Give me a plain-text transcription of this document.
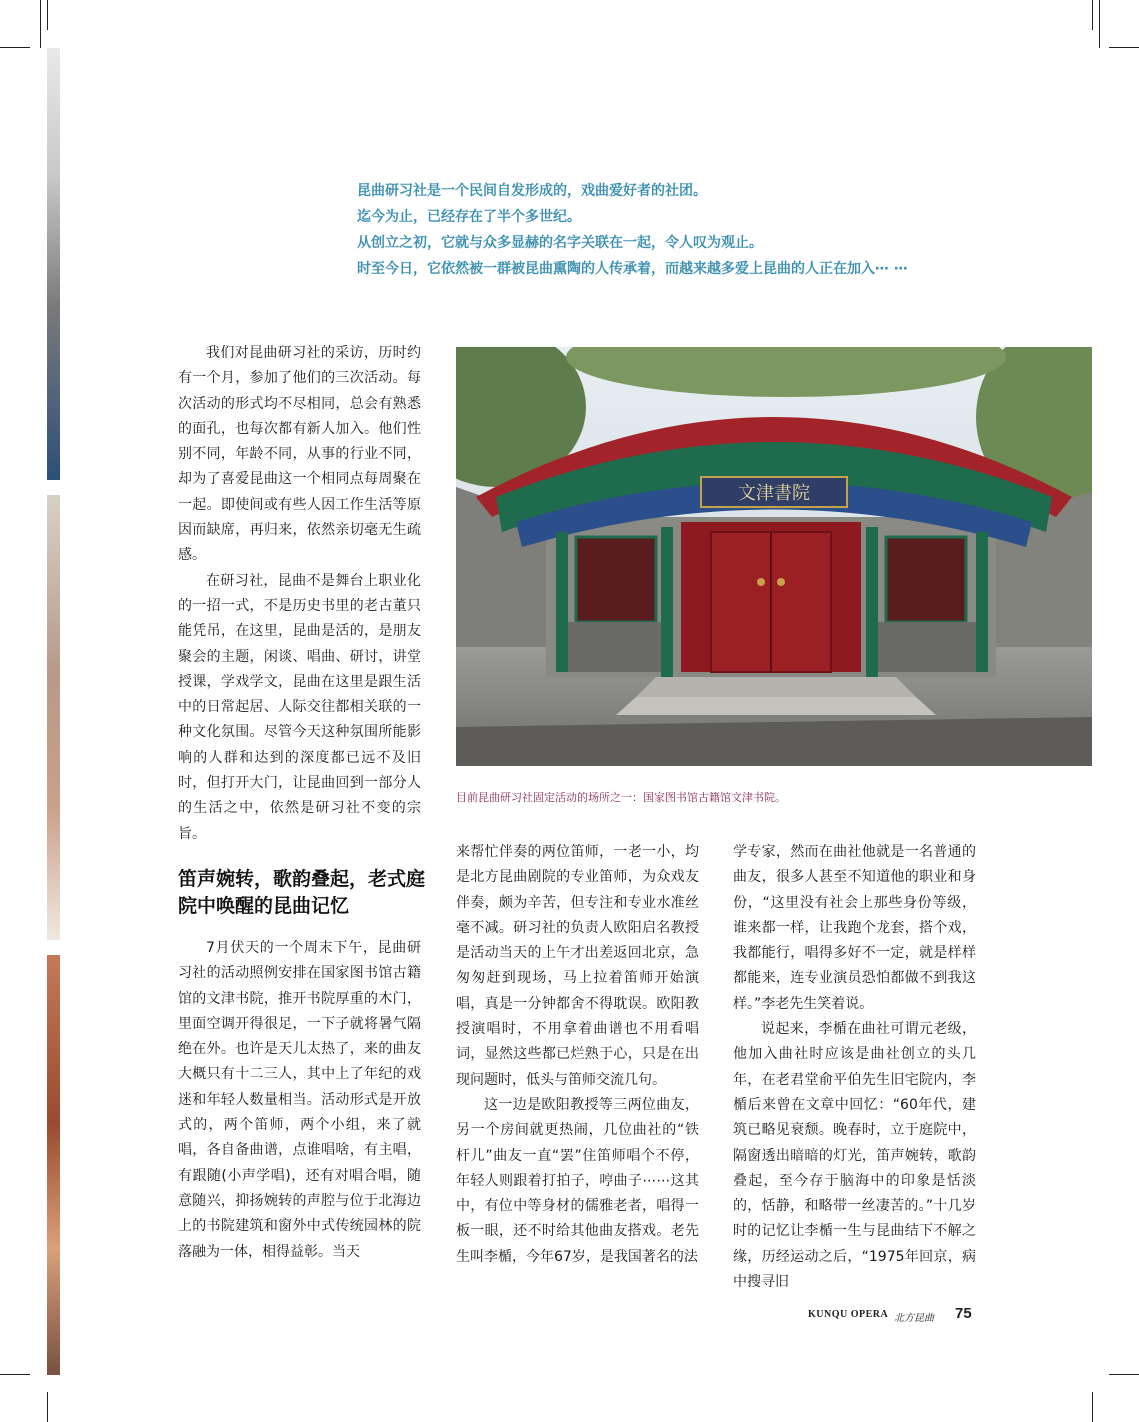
昆曲研习社是一个民间自发形成的，戏曲爱好者的社团。
迄今为止，已经存在了半个多世纪。
从创立之初，它就与众多显赫的名字关联在一起，令人叹为观止。
时至今日，它依然被一群被昆曲熏陶的人传承着，而越来越多爱上昆曲的人正在加入⋯ ⋯

我们对昆曲研习社的采访，历时约有一个月，参加了他们的三次活动。每次活动的形式均不尽相同，总会有熟悉的面孔，也每次都有新人加入。他们性别不同，年龄不同，从事的行业不同，却为了喜爱昆曲这一个相同点每周聚在一起。即使间或有些人因工作生活等原因而缺席，再归来，依然亲切毫无生疏感。

在研习社，昆曲不是舞台上职业化的一招一式，不是历史书里的老古董只能凭吊，在这里，昆曲是活的，是朋友聚会的主题，闲谈、唱曲、研讨，讲堂授课，学戏学文，昆曲在这里是跟生活中的日常起居、人际交往都相关联的一种文化氛围。尽管今天这种氛围所能影响的人群和达到的深度都已远不及旧时，但打开大门，让昆曲回到一部分人的生活之中，依然是研习社不变的宗旨。

笛声婉转，歌韵叠起，老式庭院中唤醒的昆曲记忆

7月伏天的一个周末下午，昆曲研习社的活动照例安排在国家图书馆古籍馆的文津书院，推开书院厚重的木门，里面空调开得很足，一下子就将暑气隔绝在外。也许是天儿太热了，来的曲友大概只有十二三人，其中上了年纪的戏迷和年轻人数量相当。活动形式是开放式的，两个笛师，两个小组，来了就唱，各自备曲谱，点谁唱啥，有主唱，有跟随(小声学唱)，还有对唱合唱，随意随兴，抑扬婉转的声腔与位于北海边上的书院建筑和窗外中式传统园林的院落融为一体，相得益彰。当天

文津書院
目前昆曲研习社固定活动的场所之一：国家图书馆古籍馆文津书院。

来帮忙伴奏的两位笛师，一老一小，均是北方昆曲剧院的专业笛师，为众戏友伴奏，颇为辛苦，但专注和专业水准丝毫不减。研习社的负责人欧阳启名教授是活动当天的上午才出差返回北京，急匆匆赶到现场，马上拉着笛师开始演唱，真是一分钟都舍不得耽误。欧阳教授演唱时，不用拿着曲谱也不用看唱词，显然这些都已烂熟于心，只是在出现问题时，低头与笛师交流几句。

这一边是欧阳教授等三两位曲友，另一个房间就更热闹，几位曲社的“铁杆儿”曲友一直“罢”住笛师唱个不停，年轻人则跟着打拍子，哼曲子⋯⋯这其中，有位中等身材的儒雅老者，唱得一板一眼，还不时给其他曲友搭戏。老先生叫李楯，今年67岁，是我国著名的法

学专家，然而在曲社他就是一名普通的曲友，很多人甚至不知道他的职业和身份，“这里没有社会上那些身份等级，谁来都一样，让我跑个龙套，搭个戏，我都能行，唱得多好不一定，就是样样都能来，连专业演员恐怕都做不到我这样。”李老先生笑着说。

说起来，李楯在曲社可谓元老级，他加入曲社时应该是曲社创立的头几年，在老君堂俞平伯先生旧宅院内，李楯后来曾在文章中回忆：“60年代，建筑已略见衰颓。晚春时，立于庭院中，隔窗透出暗暗的灯光，笛声婉转，歌韵叠起，至今存于脑海中的印象是恬淡的，恬静，和略带一丝凄苦的。”十几岁时的记忆让李楯一生与昆曲结下不解之缘，历经运动之后，“1975年回京，病中搜寻旧

KUNQU OPERA 北方昆曲 75
